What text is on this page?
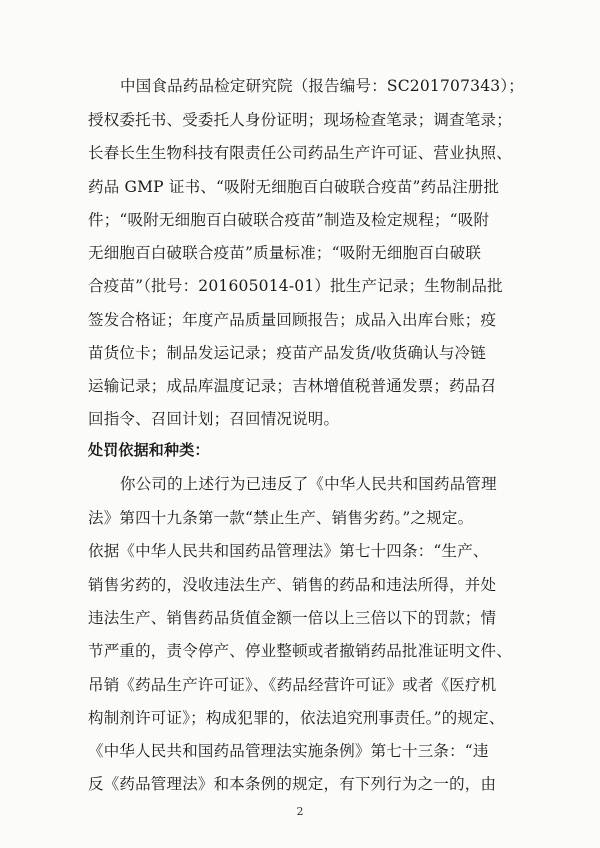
中国食品药品检定研究院（报告编号：SC201707343）；
授权委托书、受委托人身份证明；现场检查笔录；调查笔录；
长春长生生物科技有限责任公司药品生产许可证、营业执照、
药品 GMP 证书、“吸附无细胞百白破联合疫苗”药品注册批
件；“吸附无细胞百白破联合疫苗”制造及检定规程；“吸附
无细胞百白破联合疫苗”质量标准；“吸附无细胞百白破联
合疫苗”（批号：201605014-01）批生产记录；生物制品批
签发合格证；年度产品质量回顾报告；成品入出库台账；疫
苗货位卡；制品发运记录；疫苗产品发货/收货确认与冷链
运输记录；成品库温度记录；吉林增值税普通发票；药品召
回指令、召回计划；召回情况说明。
处罚依据和种类：
你公司的上述行为已违反了《中华人民共和国药品管理
法》第四十九条第一款“禁止生产、销售劣药。”之规定。
依据《中华人民共和国药品管理法》第七十四条：“生产、
销售劣药的，没收违法生产、销售的药品和违法所得，并处
违法生产、销售药品货值金额一倍以上三倍以下的罚款；情
节严重的，责令停产、停业整顿或者撤销药品批准证明文件、
吊销《药品生产许可证》、《药品经营许可证》或者《医疗机
构制剂许可证》；构成犯罪的，依法追究刑事责任。”的规定、
《中华人民共和国药品管理法实施条例》第七十三条：“违
反《药品管理法》和本条例的规定，有下列行为之一的，由
2
